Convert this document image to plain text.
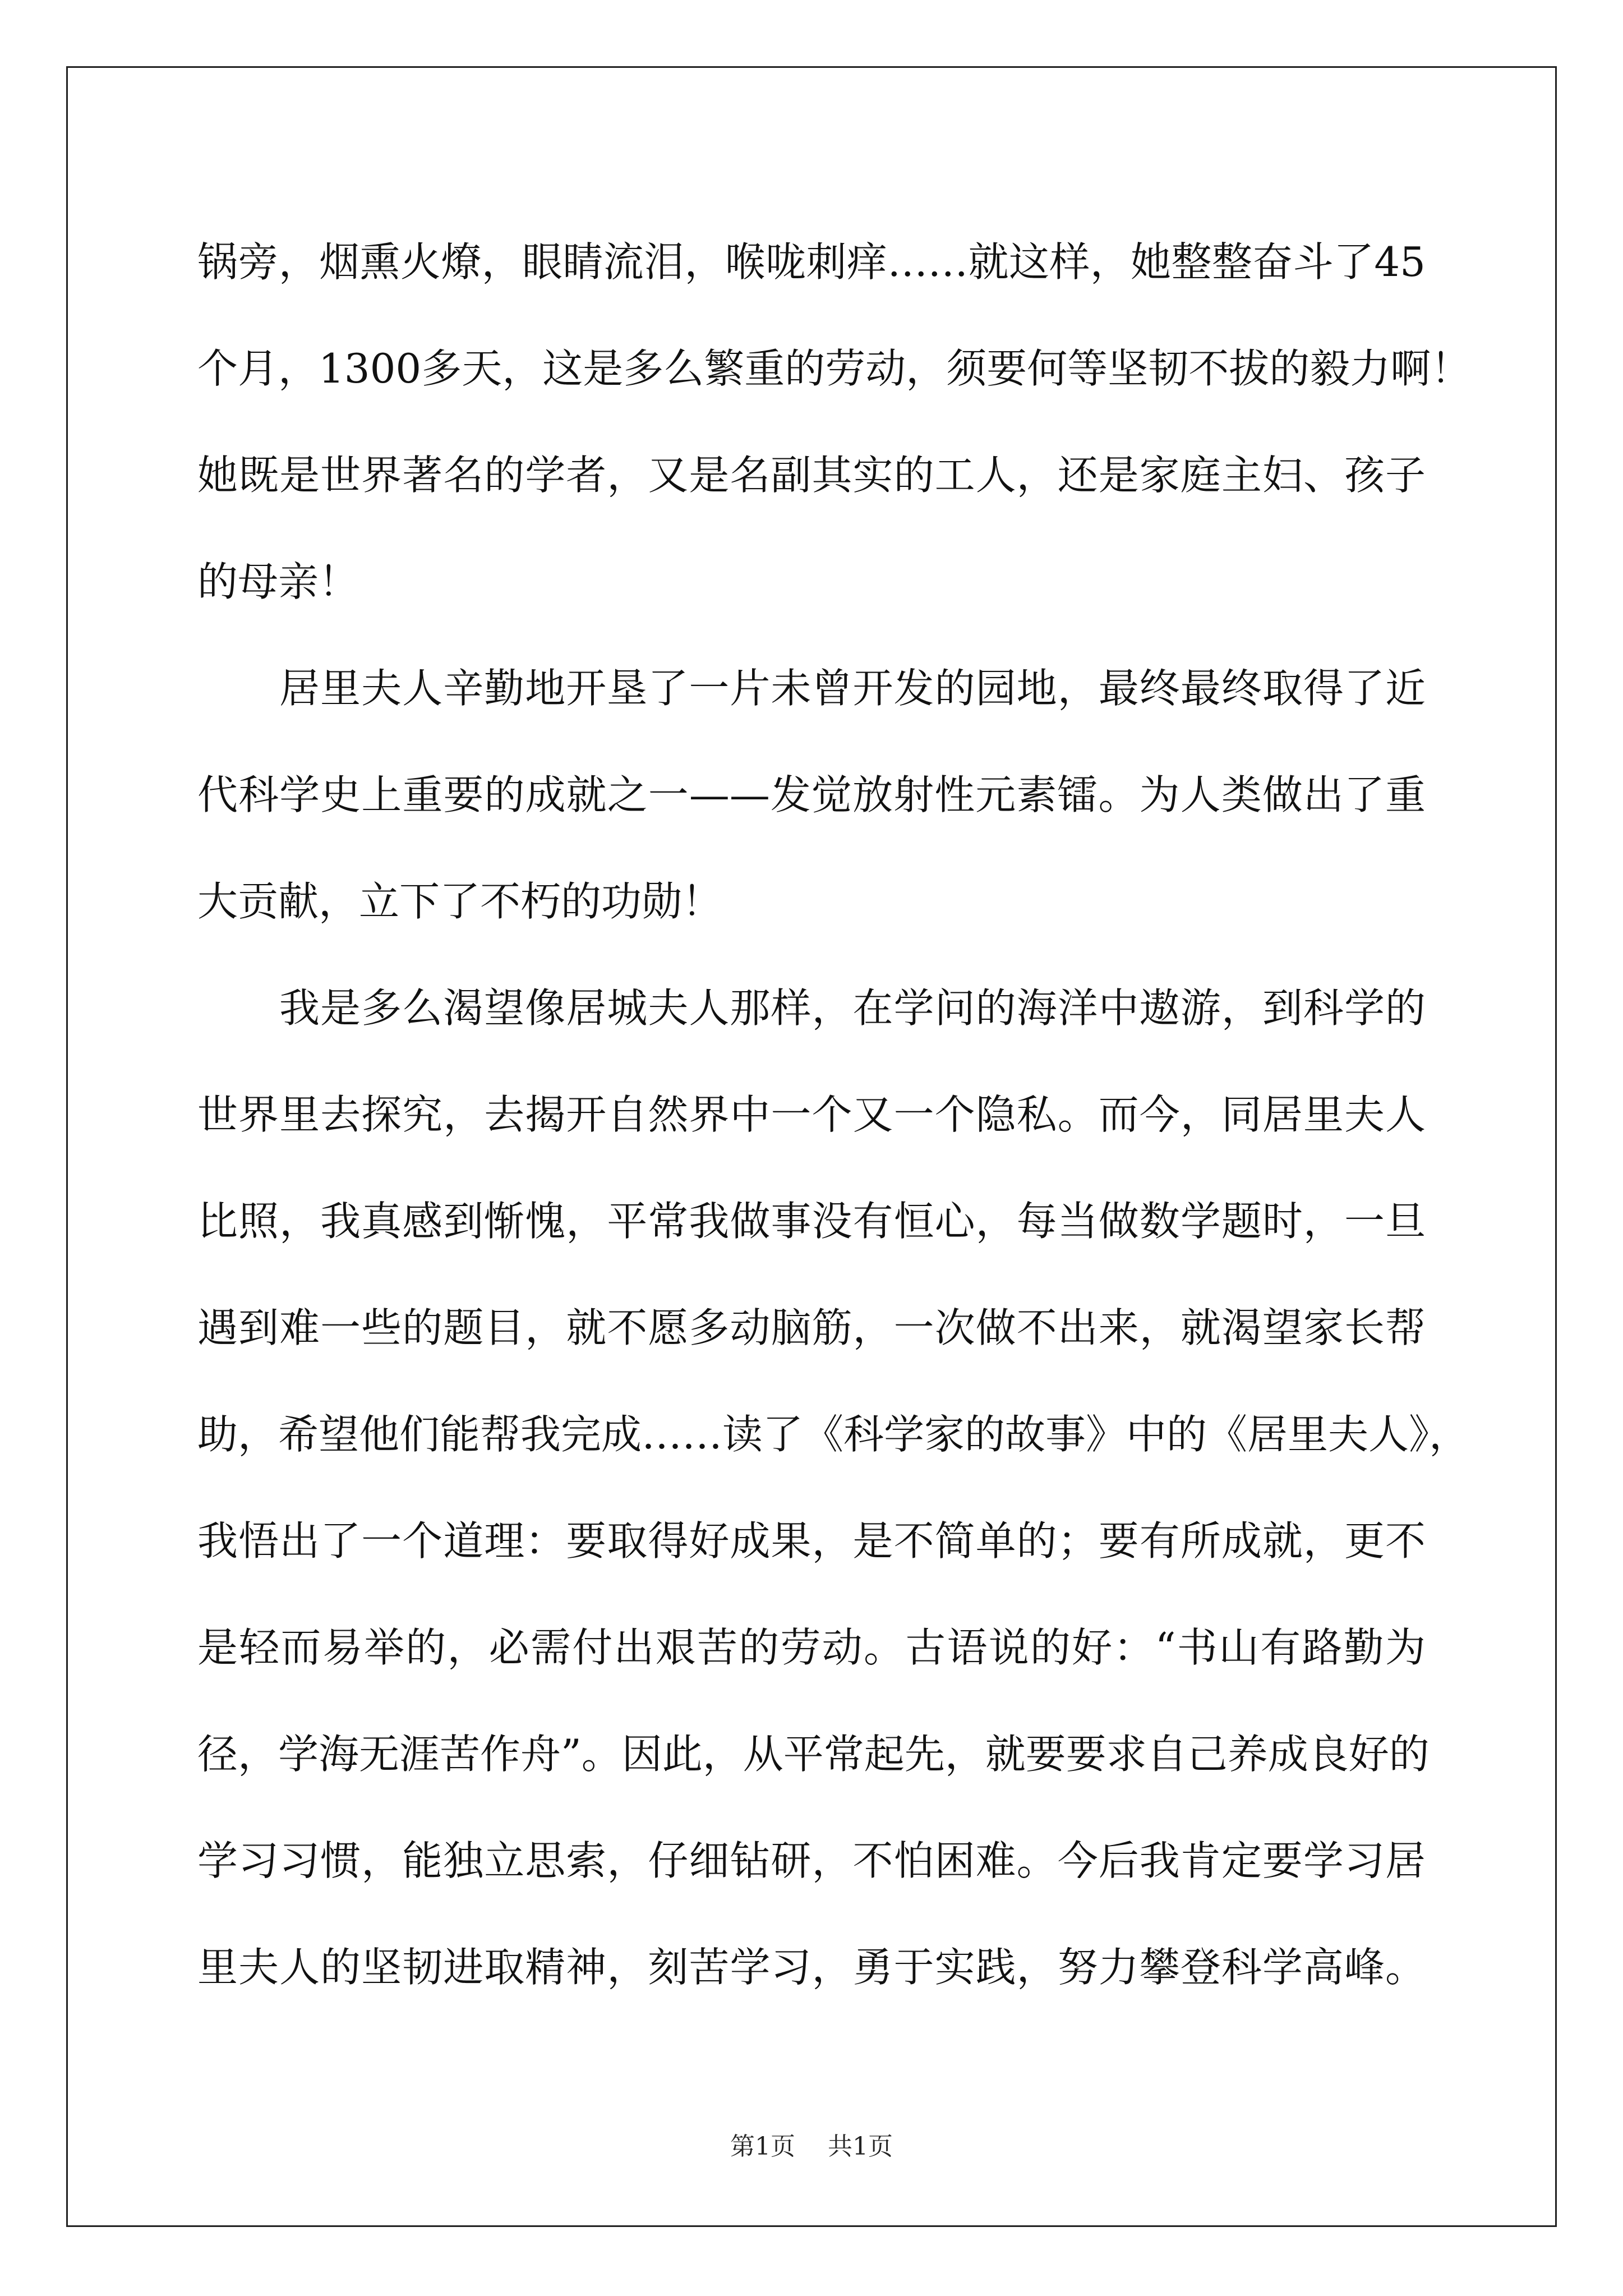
锅旁，烟熏火燎，眼睛流泪，喉咙刺痒……就这样，她整整奋斗了45
个月，1300多天，这是多么繁重的劳动，须要何等坚韧不拔的毅力啊！
她既是世界著名的学者，又是名副其实的工人，还是家庭主妇、孩子
的母亲！
居里夫人辛勤地开垦了一片未曾开发的园地，最终最终取得了近
代科学史上重要的成就之一——发觉放射性元素镭。为人类做出了重
大贡献，立下了不朽的功勋！
我是多么渴望像居城夫人那样，在学问的海洋中遨游，到科学的
世界里去探究，去揭开自然界中一个又一个隐私。而今，同居里夫人
比照，我真感到惭愧，平常我做事没有恒心，每当做数学题时，一旦
遇到难一些的题目，就不愿多动脑筋，一次做不出来，就渴望家长帮
助，希望他们能帮我完成……读了《科学家的故事》中的《居里夫人》，
我悟出了一个道理：要取得好成果，是不简单的；要有所成就，更不
是轻而易举的，必需付出艰苦的劳动。古语说的好：“书山有路勤为
径，学海无涯苦作舟”。因此，从平常起先，就要要求自己养成良好的
学习习惯，能独立思索，仔细钻研，不怕困难。今后我肯定要学习居
里夫人的坚韧进取精神，刻苦学习，勇于实践，努力攀登科学高峰。
第1页 共1页
